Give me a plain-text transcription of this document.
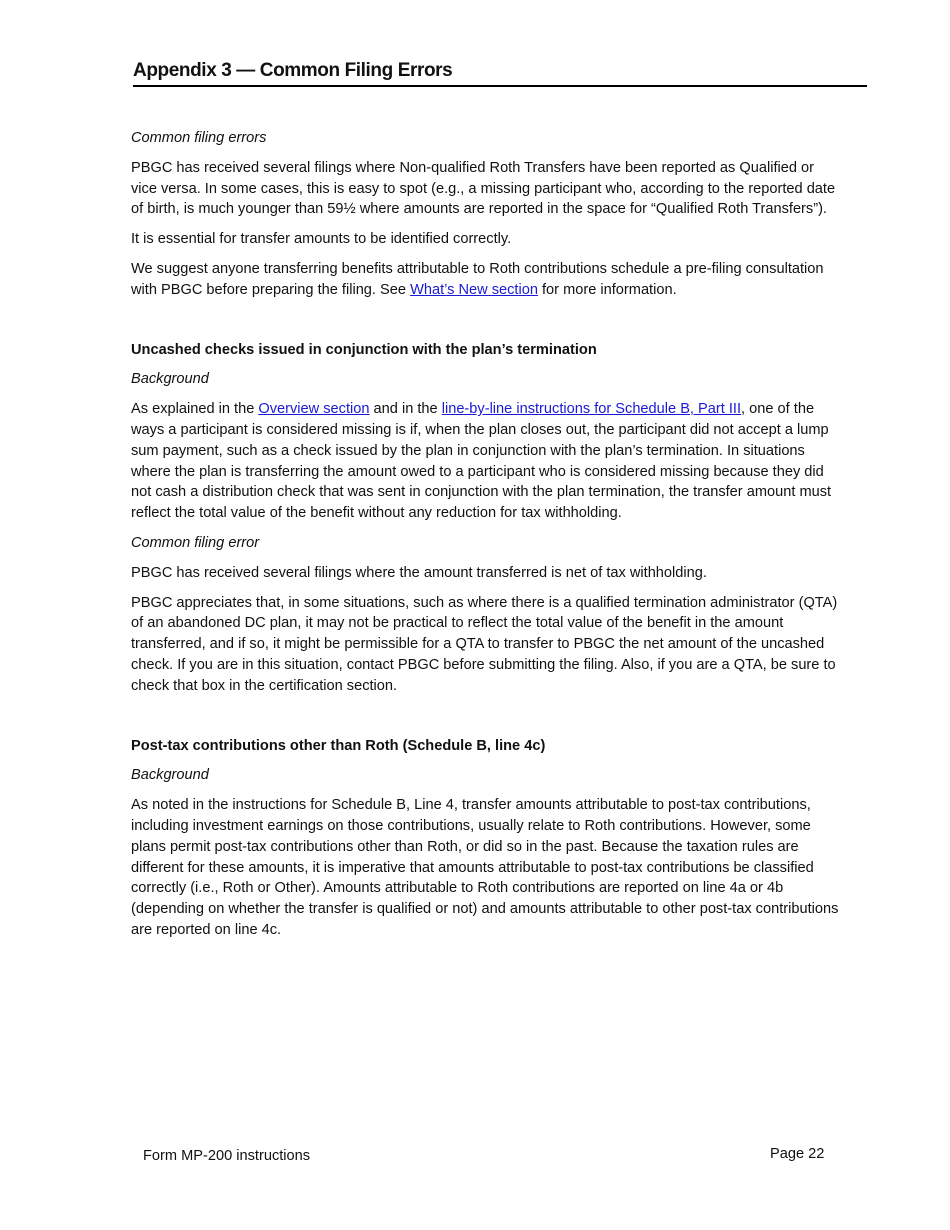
Appendix 3 — Common Filing Errors

Common filing errors

PBGC has received several filings where Non-qualified Roth Transfers have been reported as Qualified or vice versa. In some cases, this is easy to spot (e.g., a missing participant who, according to the reported date of birth, is much younger than 59½ where amounts are reported in the space for “Qualified Roth Transfers”).

It is essential for transfer amounts to be identified correctly.

We suggest anyone transferring benefits attributable to Roth contributions schedule a pre-filing consultation with PBGC before preparing the filing. See What’s New section for more information.

Uncashed checks issued in conjunction with the plan’s termination

Background

As explained in the Overview section and in the line-by-line instructions for Schedule B, Part III, one of the ways a participant is considered missing is if, when the plan closes out, the participant did not accept a lump sum payment, such as a check issued by the plan in conjunction with the plan’s termination. In situations where the plan is transferring the amount owed to a participant who is considered missing because they did not cash a distribution check that was sent in conjunction with the plan termination, the transfer amount must reflect the total value of the benefit without any reduction for tax withholding.

Common filing error

PBGC has received several filings where the amount transferred is net of tax withholding.

PBGC appreciates that, in some situations, such as where there is a qualified termination administrator (QTA) of an abandoned DC plan, it may not be practical to reflect the total value of the benefit in the amount transferred, and if so, it might be permissible for a QTA to transfer to PBGC the net amount of the uncashed check. If you are in this situation, contact PBGC before submitting the filing. Also, if you are a QTA, be sure to check that box in the certification section.

Post-tax contributions other than Roth (Schedule B, line 4c)

Background

As noted in the instructions for Schedule B, Line 4, transfer amounts attributable to post-tax contributions, including investment earnings on those contributions, usually relate to Roth contributions. However, some plans permit post-tax contributions other than Roth, or did so in the past. Because the taxation rules are different for these amounts, it is imperative that amounts attributable to post-tax contributions be classified correctly (i.e., Roth or Other). Amounts attributable to Roth contributions are reported on line 4a or 4b (depending on whether the transfer is qualified or not) and amounts attributable to other post-tax contributions are reported on line 4c.

Form MP-200 instructions	Page 22
